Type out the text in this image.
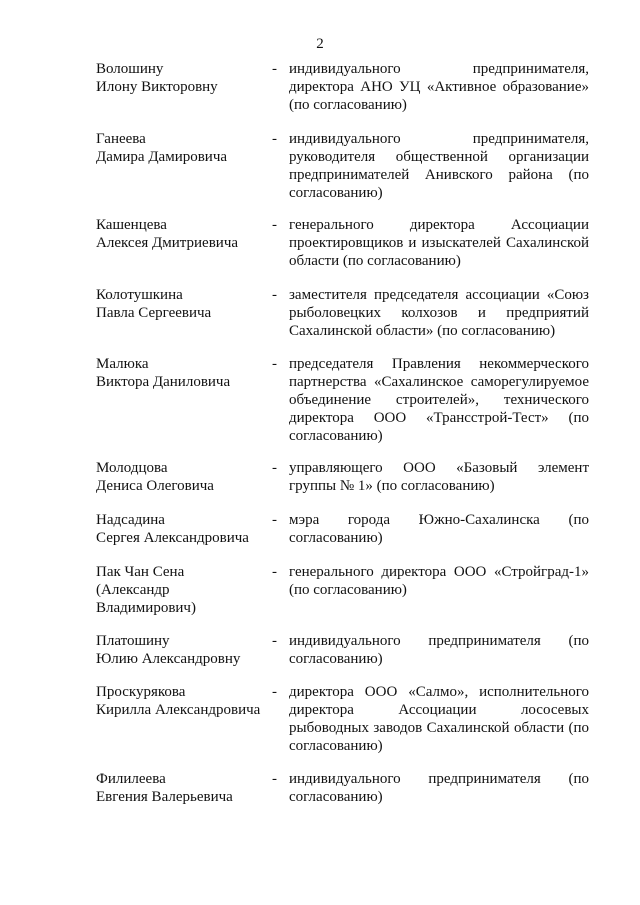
2
Волошину
Илону Викторовну
- индивидуального предпринимателя, директора АНО УЦ «Активное образование» (по согласованию)
Ганеева
Дамира Дамировича
- индивидуального предпринимателя, руководителя общественной организации предпринимателей Анивского района (по согласованию)
Кашенцева
Алексея Дмитриевича
- генерального директора Ассоциации проектировщиков и изыскателей Сахалинской области (по согласованию)
Колотушкина
Павла Сергеевича
- заместителя председателя ассоциации «Союз рыболовецких колхозов и предприятий Сахалинской области» (по согласованию)
Малюка
Виктора Даниловича
- председателя Правления некоммерческого партнерства «Сахалинское саморегулируемое объединение строителей», технического директора ООО «Трансстрой-Тест» (по согласованию)
Молодцова
Дениса Олеговича
- управляющего ООО «Базовый элемент группы № 1» (по согласованию)
Надсадина
Сергея Александровича
- мэра города Южно-Сахалинска (по согласованию)
Пак Чан Сена
(Александр
Владимирович)
- генерального директора ООО «Стройград-1» (по согласованию)
Платошину
Юлию Александровну
- индивидуального предпринимателя (по согласованию)
Проскурякова
Кирилла Александровича
- директора ООО «Салмо», исполнительного директора Ассоциации лососевых рыбоводных заводов Сахалинской области (по согласованию)
Филилеева
Евгения Валерьевича
- индивидуального предпринимателя (по согласованию)
